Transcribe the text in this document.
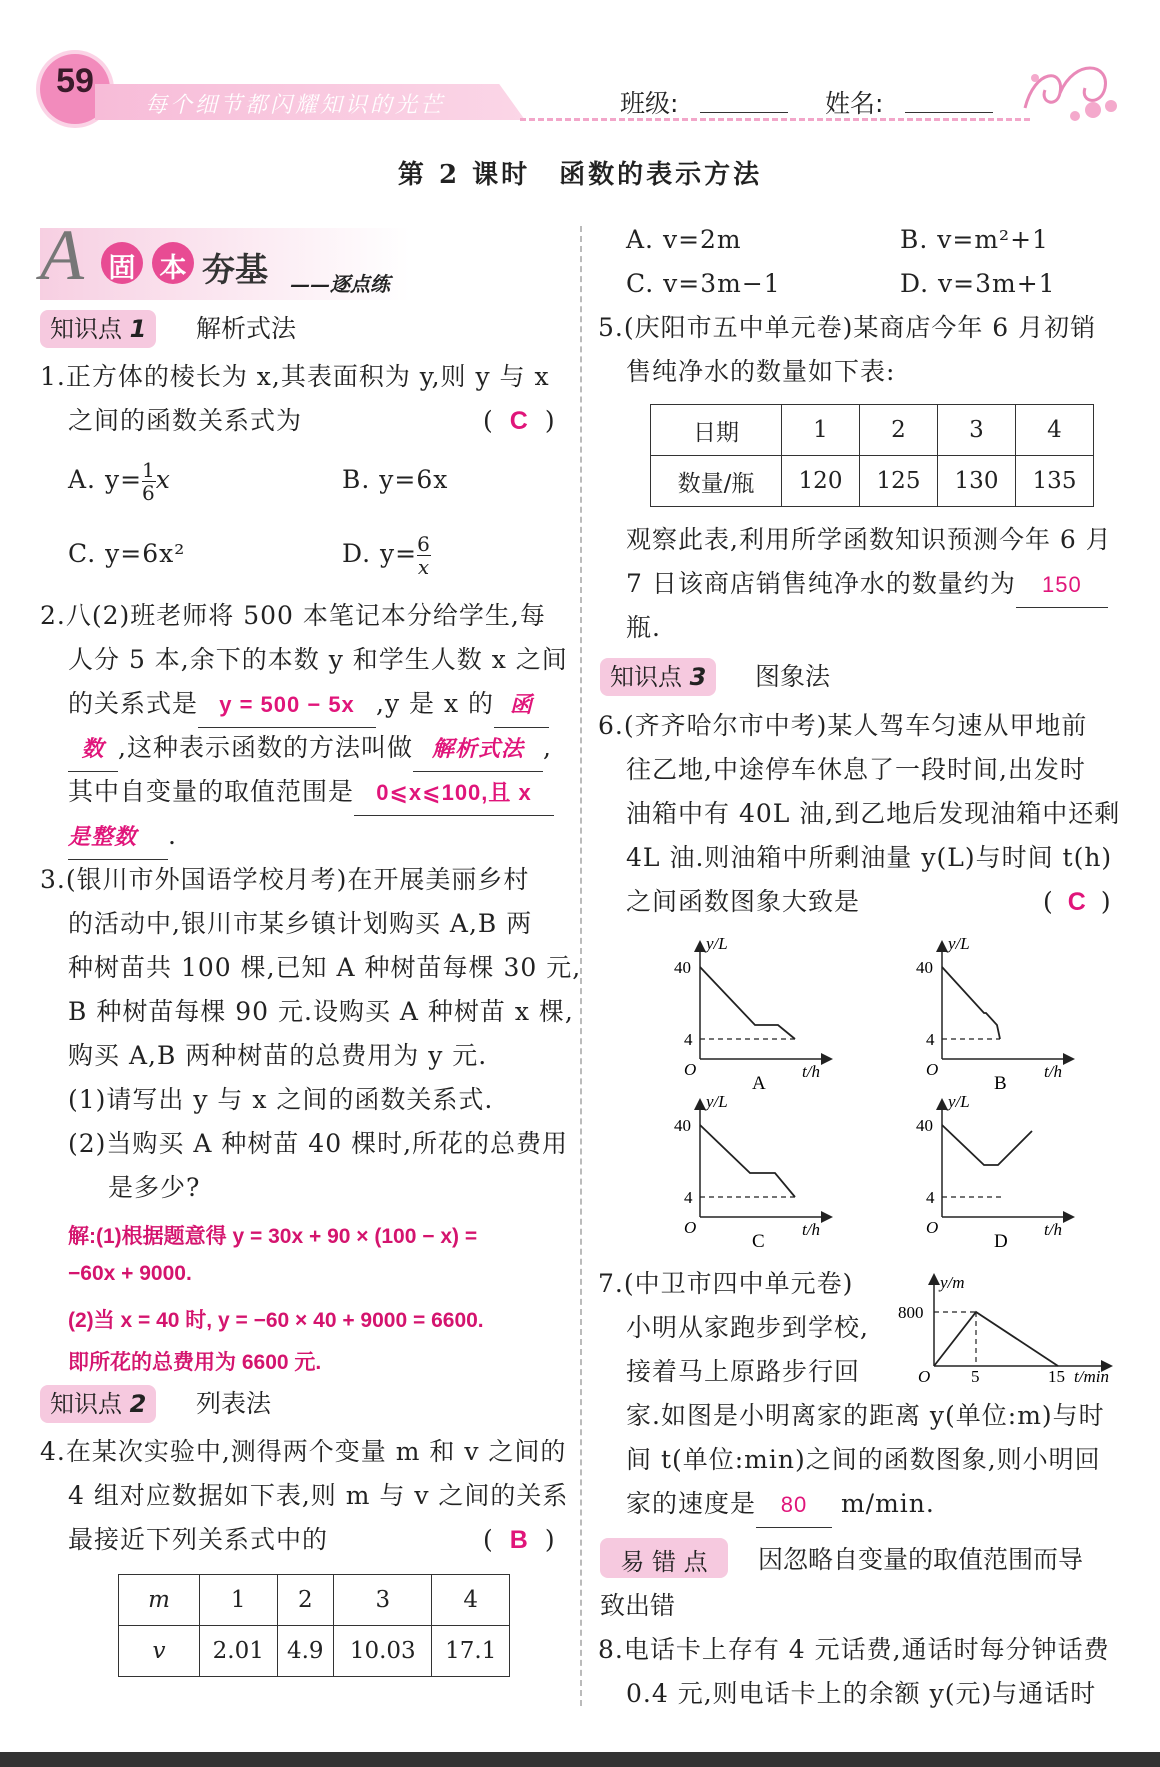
59
每个细节都闪耀知识的光芒	班级:	姓名:
第 2 课时　函数的表示方法
A 固 本 夯基 ——逐点练
知识点 1	解析式法
1.正方体的棱长为 x,其表面积为 y,则 y 与 x
之间的函数关系式为	( C )
A. $y= \frac{1}{6}$ x	B. y=6x
C. y=6x²	D. $y= \frac{6}{x}$
2.八(2)班老师将 500 本笔记本分给学生,每
人分 5 本,余下的本数 y 和学生人数 x 之间
的关系式是 y = 500 − 5x ,y 是 x 的 函
数 ,这种表示函数的方法叫做 解析式法 ,
其中自变量的取值范围是 0⩽x⩽100,且 x
是整数 .
3.(银川市外国语学校月考)在开展美丽乡村
的活动中,银川市某乡镇计划购买 A,B 两
种树苗共 100 棵,已知 A 种树苗每棵 30 元,
B 种树苗每棵 90 元.设购买 A 种树苗 x 棵,
购买 A,B 两种树苗的总费用为 y 元.
(1)请写出 y 与 x 之间的函数关系式.
(2)当购买 A 种树苗 40 棵时,所花的总费用
是多少?
解:(1)根据题意得 y = 30x + 90 × (100 − x) =
−60x + 9000.
(2)当 x = 40 时, y = −60 × 40 + 9000 = 6600.
即所花的总费用为 6600 元.
知识点 2	列表法
4.在某次实验中,测得两个变量 m 和 v 之间的
4 组对应数据如下表,则 m 与 v 之间的关系
最接近下列关系式中的	( B )
m	1	2	3	4
v	2.01	4.9	10.03	17.1
A. v=2m	B. v=m²+1
C. v=3m−1	D. v=3m+1
5.(庆阳市五中单元卷)某商店今年 6 月初销
售纯净水的数量如下表:
日期	1	2	3	4
数量/瓶	120	125	130	135
观察此表,利用所学函数知识预测今年 6 月
7 日该商店销售纯净水的数量约为 150
瓶.
知识点 3	图象法
6.(齐齐哈尔市中考)某人驾车匀速从甲地前
往乙地,中途停车休息了一段时间,出发时
油箱中有 40L 油,到乙地后发现油箱中还剩
4L 油.则油箱中所剩油量 y(L)与时间 t(h)
之间函数图象大致是	( C )
40
4
O
y/L
t/h
A
40
4
O
y/L
t/h
B
40
4
O
y/L
t/h
C
40
4
O
y/L
t/h
D
7.(中卫市四中单元卷)
小明从家跑步到学校,
接着马上原路步行回
y/m
800
O 5	15 t/min
家.如图是小明离家的距离 y(单位:m)与时
间 t(单位:min)之间的函数图象,则小明回
家的速度是 80 m/min.
易 错 点	因忽略自变量的取值范围而导
致出错
8.电话卡上存有 4 元话费,通话时每分钟话费
0.4 元,则电话卡上的余额 y(元)与通话时
